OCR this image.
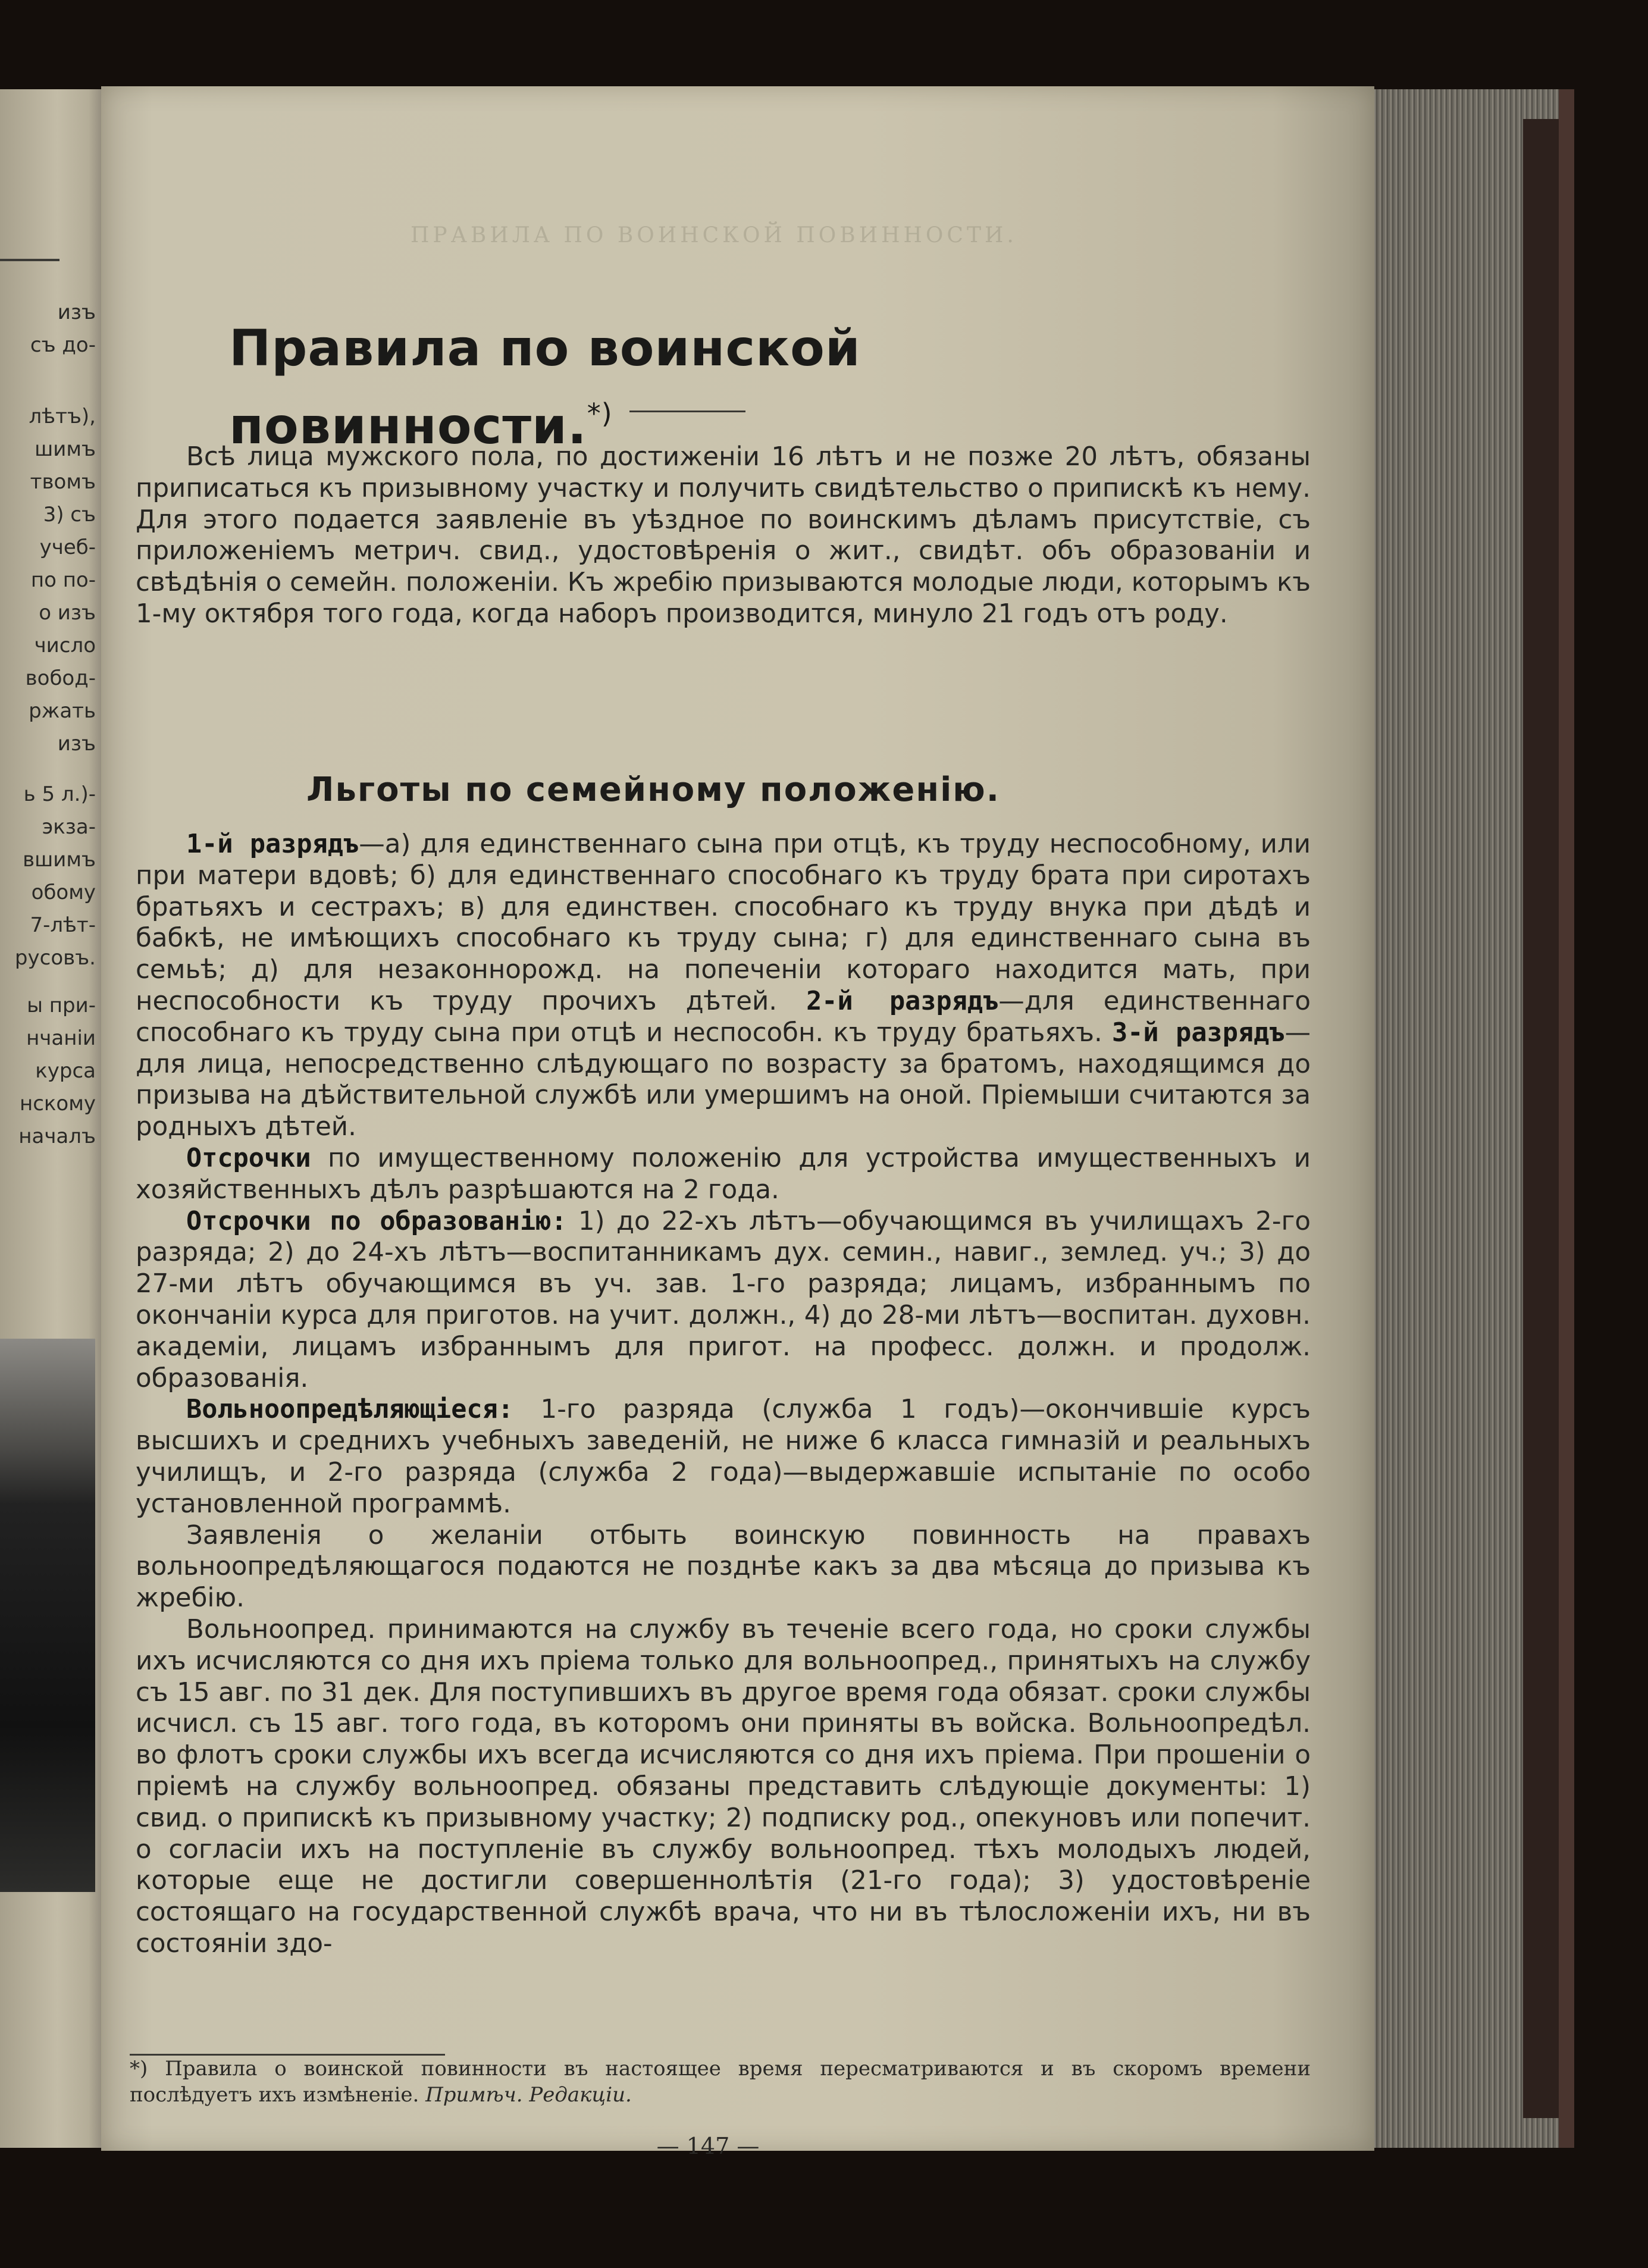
изъ

съ до-

лѣтъ),

шимъ

твомъ

3) съ

учеб-

по по-

о изъ

число

вобод-

ржать

изъ

ь 5 л.)-

экза-

вшимъ

обому

7-лѣт-

русовъ.

ы при-

нчаніи

курса

нскому

началъ

ПРАВИЛА ПО ВОИНСКОЙ ПОВИННОСТИ.

Правила по воинской повинности.*)

Всѣ лица мужского пола, по достиженіи 16 лѣтъ и не позже 20 лѣтъ, обязаны приписаться къ призывному участку и получить свидѣтельство о припискѣ къ нему. Для этого подается заявленіе въ уѣздное по воинскимъ дѣламъ присутствіе, съ приложеніемъ метрич. свид., удостовѣренія о жит., свидѣт. объ образованіи и свѣдѣнія о семейн. положеніи. Къ жребію призываются молодые люди, которымъ къ 1-му октября того года, когда наборъ производится, минуло 21 годъ отъ роду.

Льготы по семейному положенію.
1-й разрядъ—а) для единственнаго сына при отцѣ, къ труду неспособному, или при матери вдовѣ; б) для единственнаго способнаго къ труду брата при сиротахъ братьяхъ и сестрахъ; в) для единствен. способнаго къ труду внука при дѣдѣ и бабкѣ, не имѣющихъ способнаго къ труду сына; г) для единственнаго сына въ семьѣ; д) для незаконнорожд. на попеченіи котораго находится мать, при неспособности къ труду прочихъ дѣтей. 2-й разрядъ—для единственнаго способнаго къ труду сына при отцѣ и неспособн. къ труду братьяхъ. 3-й разрядъ—для лица, непосредственно слѣдующаго по возрасту за братомъ, находящимся до призыва на дѣйствительной службѣ или умершимъ на оной. Пріемыши считаются за родныхъ дѣтей.
Отсрочки по имущественному положенію для устройства имущественныхъ и хозяйственныхъ дѣлъ разрѣшаются на 2 года.
Отсрочки по образованію: 1) до 22-хъ лѣтъ—обучающимся въ училищахъ 2-го разряда; 2) до 24-хъ лѣтъ—воспитанникамъ дух. семин., навиг., землед. уч.; 3) до 27-ми лѣтъ обучающимся въ уч. зав. 1-го разряда; лицамъ, избраннымъ по окончаніи курса для приготов. на учит. должн., 4) до 28-ми лѣтъ—воспитан. духовн. академіи, лицамъ избраннымъ для пригот. на професс. должн. и продолж. образованія.
Вольноопредѣляющіеся: 1-го разряда (служба 1 годъ)—окончившіе курсъ высшихъ и среднихъ учебныхъ заведеній, не ниже 6 класса гимназій и реальныхъ училищъ, и 2-го разряда (служба 2 года)—выдержавшіе испытаніе по особо установленной программѣ.
Заявленія о желаніи отбыть воинскую повинность на правахъ вольноопредѣляющагося подаются не позднѣе какъ за два мѣсяца до призыва къ жребію.
Вольноопред. принимаются на службу въ теченіе всего года, но сроки службы ихъ исчисляются со дня ихъ пріема только для вольноопред., принятыхъ на службу съ 15 авг. по 31 дек. Для поступившихъ въ другое время года обязат. сроки службы исчисл. съ 15 авг. того года, въ которомъ они приняты въ войска. Вольноопредѣл. во флотъ сроки службы ихъ всегда исчисляются со дня ихъ пріема. При прошеніи о пріемѣ на службу вольноопред. обязаны представить слѣдующіе документы: 1) свид. о припискѣ къ призывному участку; 2) подписку род., опекуновъ или попечит. о согласіи ихъ на поступленіе въ службу вольноопред. тѣхъ молодыхъ людей, которые еще не достигли совершеннолѣтія (21-го года); 3) удостовѣреніе состоящаго на государственной службѣ врача, что ни въ тѣлосложеніи ихъ, ни въ состояніи здо-

*) Правила о воинской повинности въ настоящее время пересматриваются и въ скоромъ времени послѣдуетъ ихъ измѣненіе. Примѣч. Редакціи.

— 147 —
